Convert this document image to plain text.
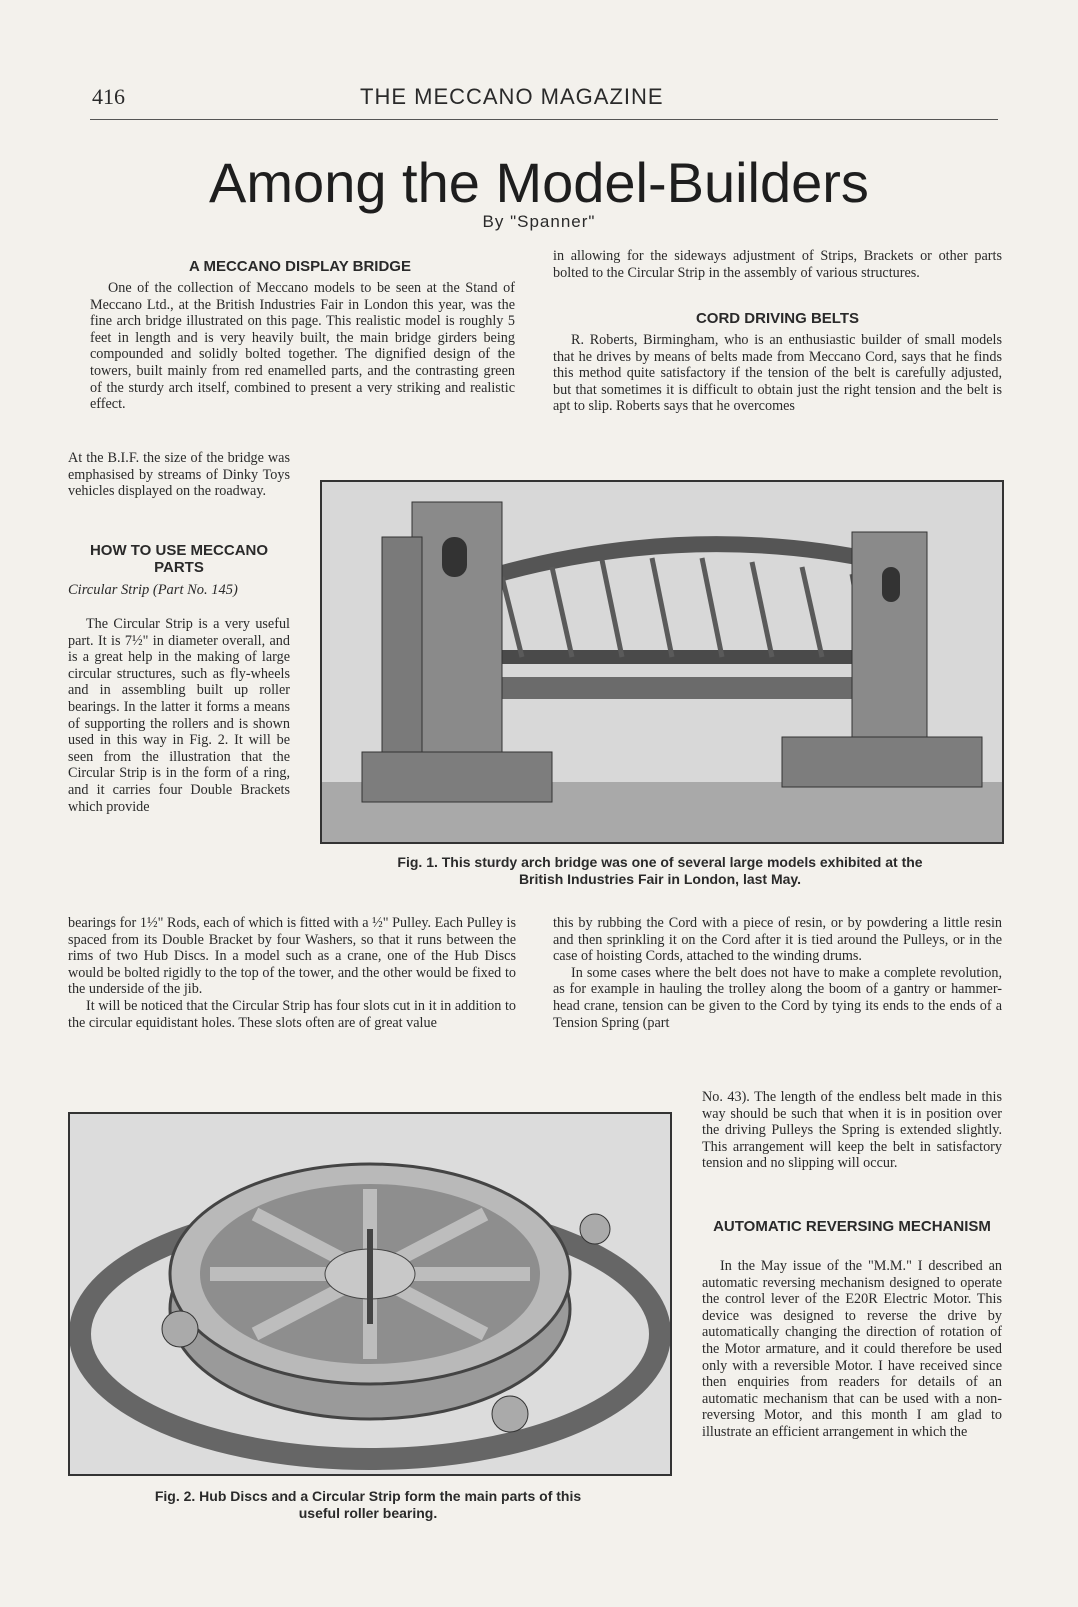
416	THE MECCANO MAGAZINE
Among the Model-Builders
By "Spanner"
A MECCANO DISPLAY BRIDGE

One of the collection of Meccano models to be seen at the Stand of Meccano Ltd., at the British Industries Fair in London this year, was the fine arch bridge illustrated on this page. This realistic model is roughly 5 feet in length and is very heavily built, the main bridge girders being compounded and solidly bolted together. The dignified design of the towers, built mainly from red enamelled parts, and the contrasting green of the sturdy arch itself, combined to present a very striking and realistic effect.

At the B.I.F. the size of the bridge was emphasised by streams of Dinky Toys vehicles displayed on the roadway.

HOW TO USE MECCANO PARTS
Circular Strip (Part No. 145)

The Circular Strip is a very useful part. It is 7½" in diameter overall, and is a great help in the making of large circular structures, such as fly-wheels and in assembling built up roller bearings. In the latter it forms a means of supporting the rollers and is shown used in this way in Fig. 2. It will be seen from the illustration that the Circular Strip is in the form of a ring, and it carries four Double Brackets which provide

in allowing for the sideways adjustment of Strips, Brackets or other parts bolted to the Circular Strip in the assembly of various structures.

CORD DRIVING BELTS

R. Roberts, Birmingham, who is an enthusiastic builder of small models that he drives by means of belts made from Meccano Cord, says that he finds this method quite satisfactory if the tension of the belt is carefully adjusted, but that sometimes it is difficult to obtain just the right tension and the belt is apt to slip. Roberts says that he overcomes

Fig. 1. This sturdy arch bridge was one of several large models exhibited at the
British Industries Fair in London, last May.

bearings for 1½" Rods, each of which is fitted with a ½" Pulley. Each Pulley is spaced from its Double Bracket by four Washers, so that it runs between the rims of two Hub Discs. In a model such as a crane, one of the Hub Discs would be bolted rigidly to the top of the tower, and the other would be fixed to the underside of the jib.

It will be noticed that the Circular Strip has four slots cut in it in addition to the circular equidistant holes. These slots often are of great value

this by rubbing the Cord with a piece of resin, or by powdering a little resin and then sprinkling it on the Cord after it is tied around the Pulleys, or in the case of hoisting Cords, attached to the winding drums.

In some cases where the belt does not have to make a complete revolution, as for example in hauling the trolley along the boom of a gantry or hammer-head crane, tension can be given to the Cord by tying its ends to the ends of a Tension Spring (part

Fig. 2. Hub Discs and a Circular Strip form the main parts of this
useful roller bearing.

No. 43). The length of the endless belt made in this way should be such that when it is in position over the driving Pulleys the Spring is extended slightly. This arrangement will keep the belt in satisfactory tension and no slipping will occur.

AUTOMATIC REVERSING MECHANISM

In the May issue of the "M.M." I described an automatic reversing mechanism designed to operate the control lever of the E20R Electric Motor. This device was designed to reverse the drive by automatically changing the direction of rotation of the Motor armature, and it could therefore be used only with a reversible Motor. I have received since then enquiries from readers for details of an automatic mechanism that can be used with a non-reversing Motor, and this month I am glad to illustrate an efficient arrangement in which the
